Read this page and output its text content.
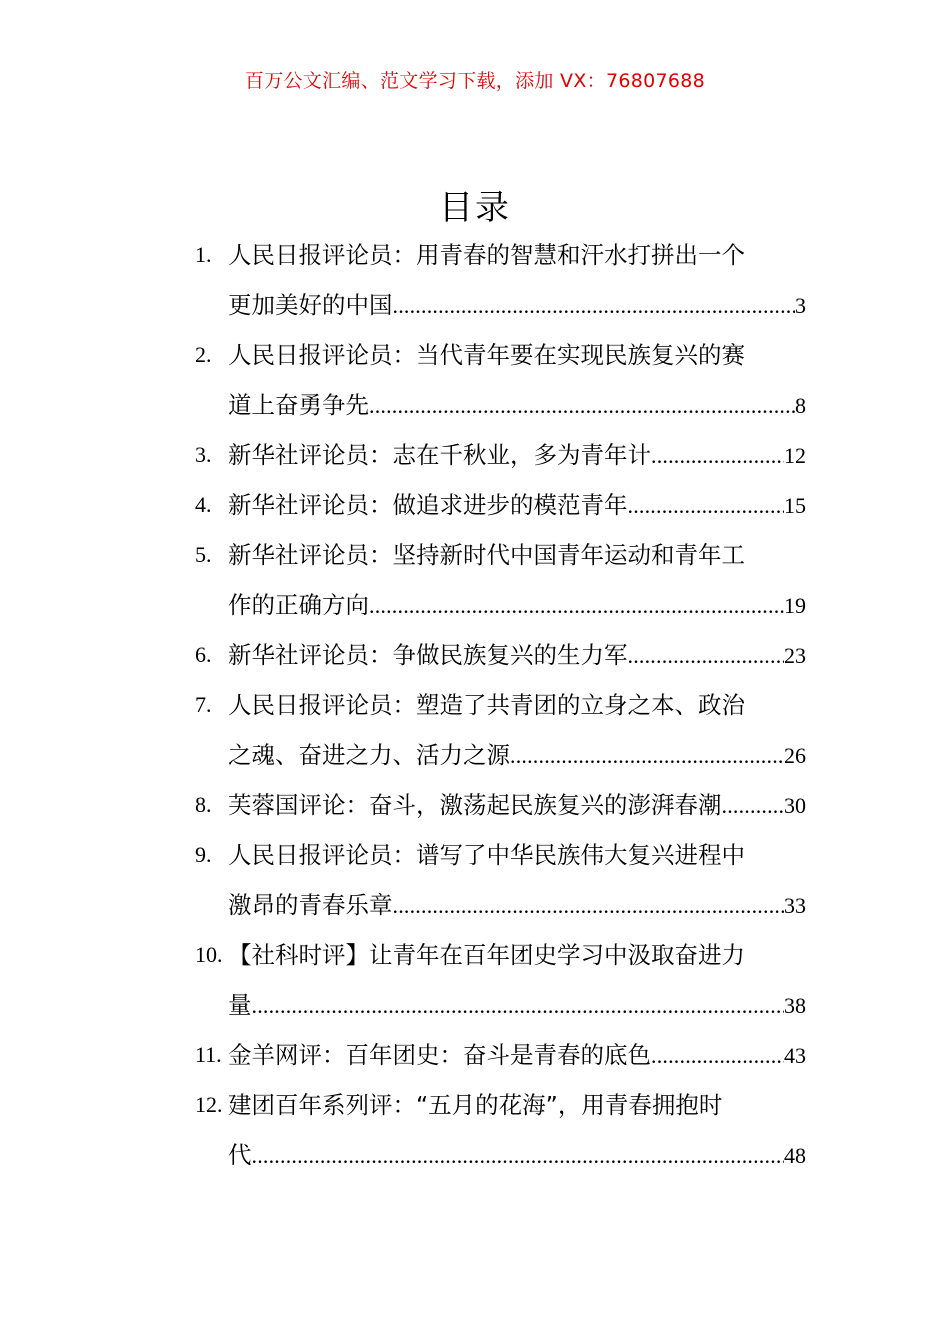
百万公文汇编、范文学习下载，添加 VX：76807688
目录
1. 人民日报评论员：用青春的智慧和汗水打拼出一个
更加美好的中国 .....	3
2. 人民日报评论员：当代青年要在实现民族复兴的赛
道上奋勇争先 .....	8
3. 新华社评论员：志在千秋业，多为青年计 .....	12
4. 新华社评论员：做追求进步的模范青年 .....	15
5. 新华社评论员：坚持新时代中国青年运动和青年工
作的正确方向 .....	19
6. 新华社评论员：争做民族复兴的生力军 .....	23
7. 人民日报评论员：塑造了共青团的立身之本、政治
之魂、奋进之力、活力之源 .....	26
8. 芙蓉国评论：奋斗，激荡起民族复兴的澎湃春潮 .....	30
9. 人民日报评论员：谱写了中华民族伟大复兴进程中
激昂的青春乐章 .....	33
10. 【社科时评】让青年在百年团史学习中汲取奋进力
量 .....	38
11. 金羊网评：百年团史：奋斗是青春的底色 .....	43
12. 建团百年系列评：“五月的花海”，用青春拥抱时
代 .....	48
